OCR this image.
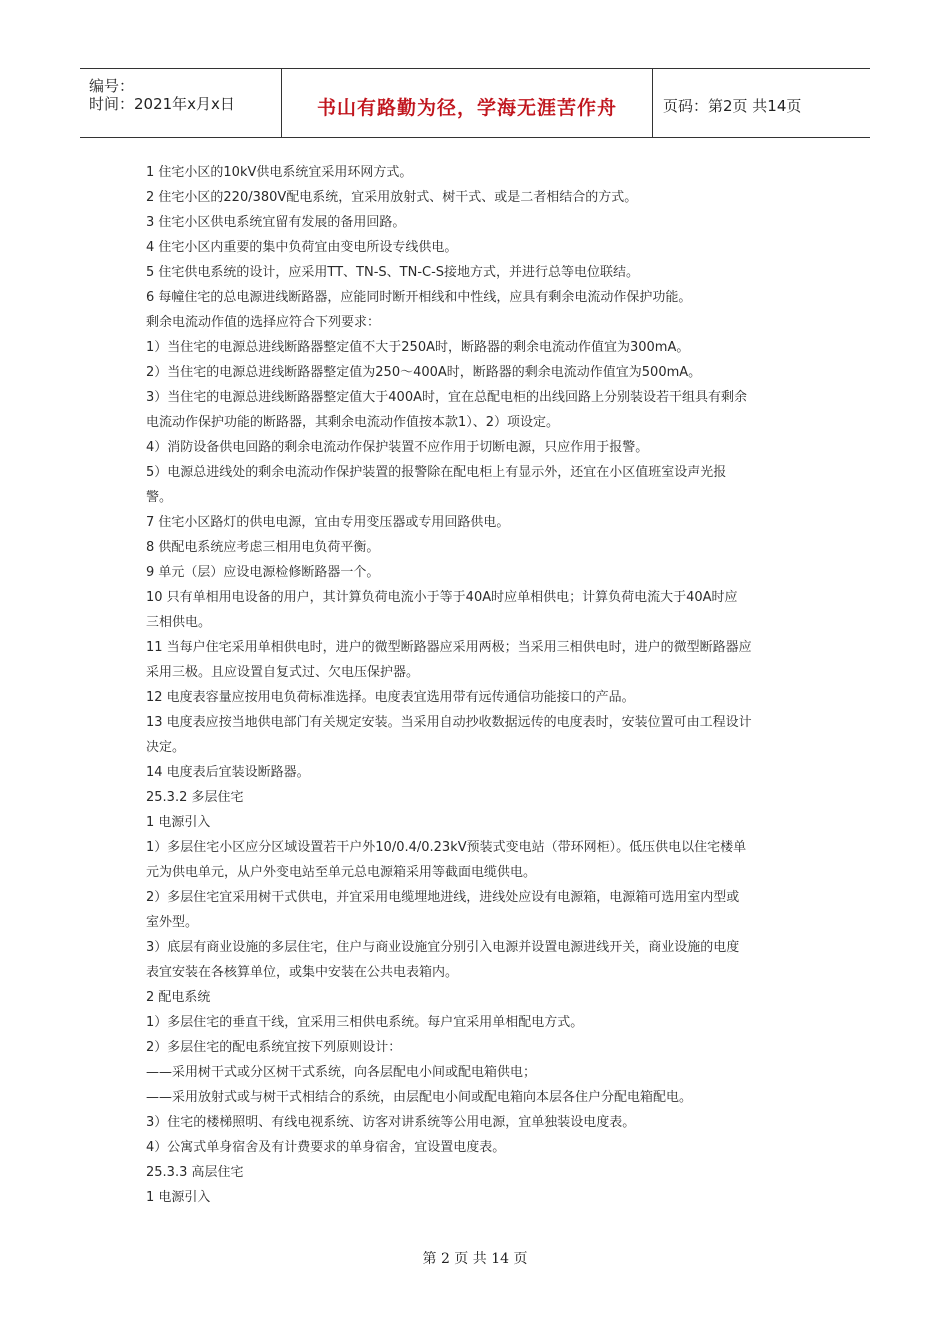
编号：
时间：2021年x月x日	书山有路勤为径，学海无涯苦作舟	页码：第2页 共14页
1 住宅小区的10kV供电系统宜采用环网方式。
2 住宅小区的220/380V配电系统，宜采用放射式、树干式、或是二者相结合的方式。
3 住宅小区供电系统宜留有发展的备用回路。
4 住宅小区内重要的集中负荷宜由变电所设专线供电。
5 住宅供电系统的设计，应采用TT、TN-S、TN-C-S接地方式，并进行总等电位联结。
6 每幢住宅的总电源进线断路器，应能同时断开相线和中性线，应具有剩余电流动作保护功能。
剩余电流动作值的选择应符合下列要求：
1）当住宅的电源总进线断路器整定值不大于250A时，断路器的剩余电流动作值宜为300mA。
2）当住宅的电源总进线断路器整定值为250～400A时，断路器的剩余电流动作值宜为500mA。
3）当住宅的电源总进线断路器整定值大于400A时，宜在总配电柜的出线回路上分别装设若干组具有剩余
电流动作保护功能的断路器，其剩余电流动作值按本款1）、2）项设定。
4）消防设备供电回路的剩余电流动作保护装置不应作用于切断电源，只应作用于报警。
5）电源总进线处的剩余电流动作保护装置的报警除在配电柜上有显示外，还宜在小区值班室设声光报
警。
7 住宅小区路灯的供电电源，宜由专用变压器或专用回路供电。
8 供配电系统应考虑三相用电负荷平衡。
9 单元（层）应设电源检修断路器一个。
10 只有单相用电设备的用户，其计算负荷电流小于等于40A时应单相供电；计算负荷电流大于40A时应
三相供电。
11 当每户住宅采用单相供电时，进户的微型断路器应采用两极；当采用三相供电时，进户的微型断路器应
采用三极。且应设置自复式过、欠电压保护器。
12 电度表容量应按用电负荷标准选择。电度表宜选用带有远传通信功能接口的产品。
13 电度表应按当地供电部门有关规定安装。当采用自动抄收数据远传的电度表时，安装位置可由工程设计
决定。
14 电度表后宜装设断路器。
25.3.2 多层住宅
1 电源引入
1）多层住宅小区应分区域设置若干户外10/0.4/0.23kV预装式变电站（带环网柜）。低压供电以住宅楼单
元为供电单元，从户外变电站至单元总电源箱采用等截面电缆供电。
2）多层住宅宜采用树干式供电，并宜采用电缆埋地进线，进线处应设有电源箱，电源箱可选用室内型或
室外型。
3）底层有商业设施的多层住宅，住户与商业设施宜分别引入电源并设置电源进线开关，商业设施的电度
表宜安装在各核算单位，或集中安装在公共电表箱内。
2 配电系统
1）多层住宅的垂直干线，宜采用三相供电系统。每户宜采用单相配电方式。
2）多层住宅的配电系统宜按下列原则设计：
——采用树干式或分区树干式系统，向各层配电小间或配电箱供电；
——采用放射式或与树干式相结合的系统，由层配电小间或配电箱向本层各住户分配电箱配电。
3）住宅的楼梯照明、有线电视系统、访客对讲系统等公用电源，宜单独装设电度表。
4）公寓式单身宿舍及有计费要求的单身宿舍，宜设置电度表。
25.3.3 高层住宅
1 电源引入
第 2 页 共 14 页
